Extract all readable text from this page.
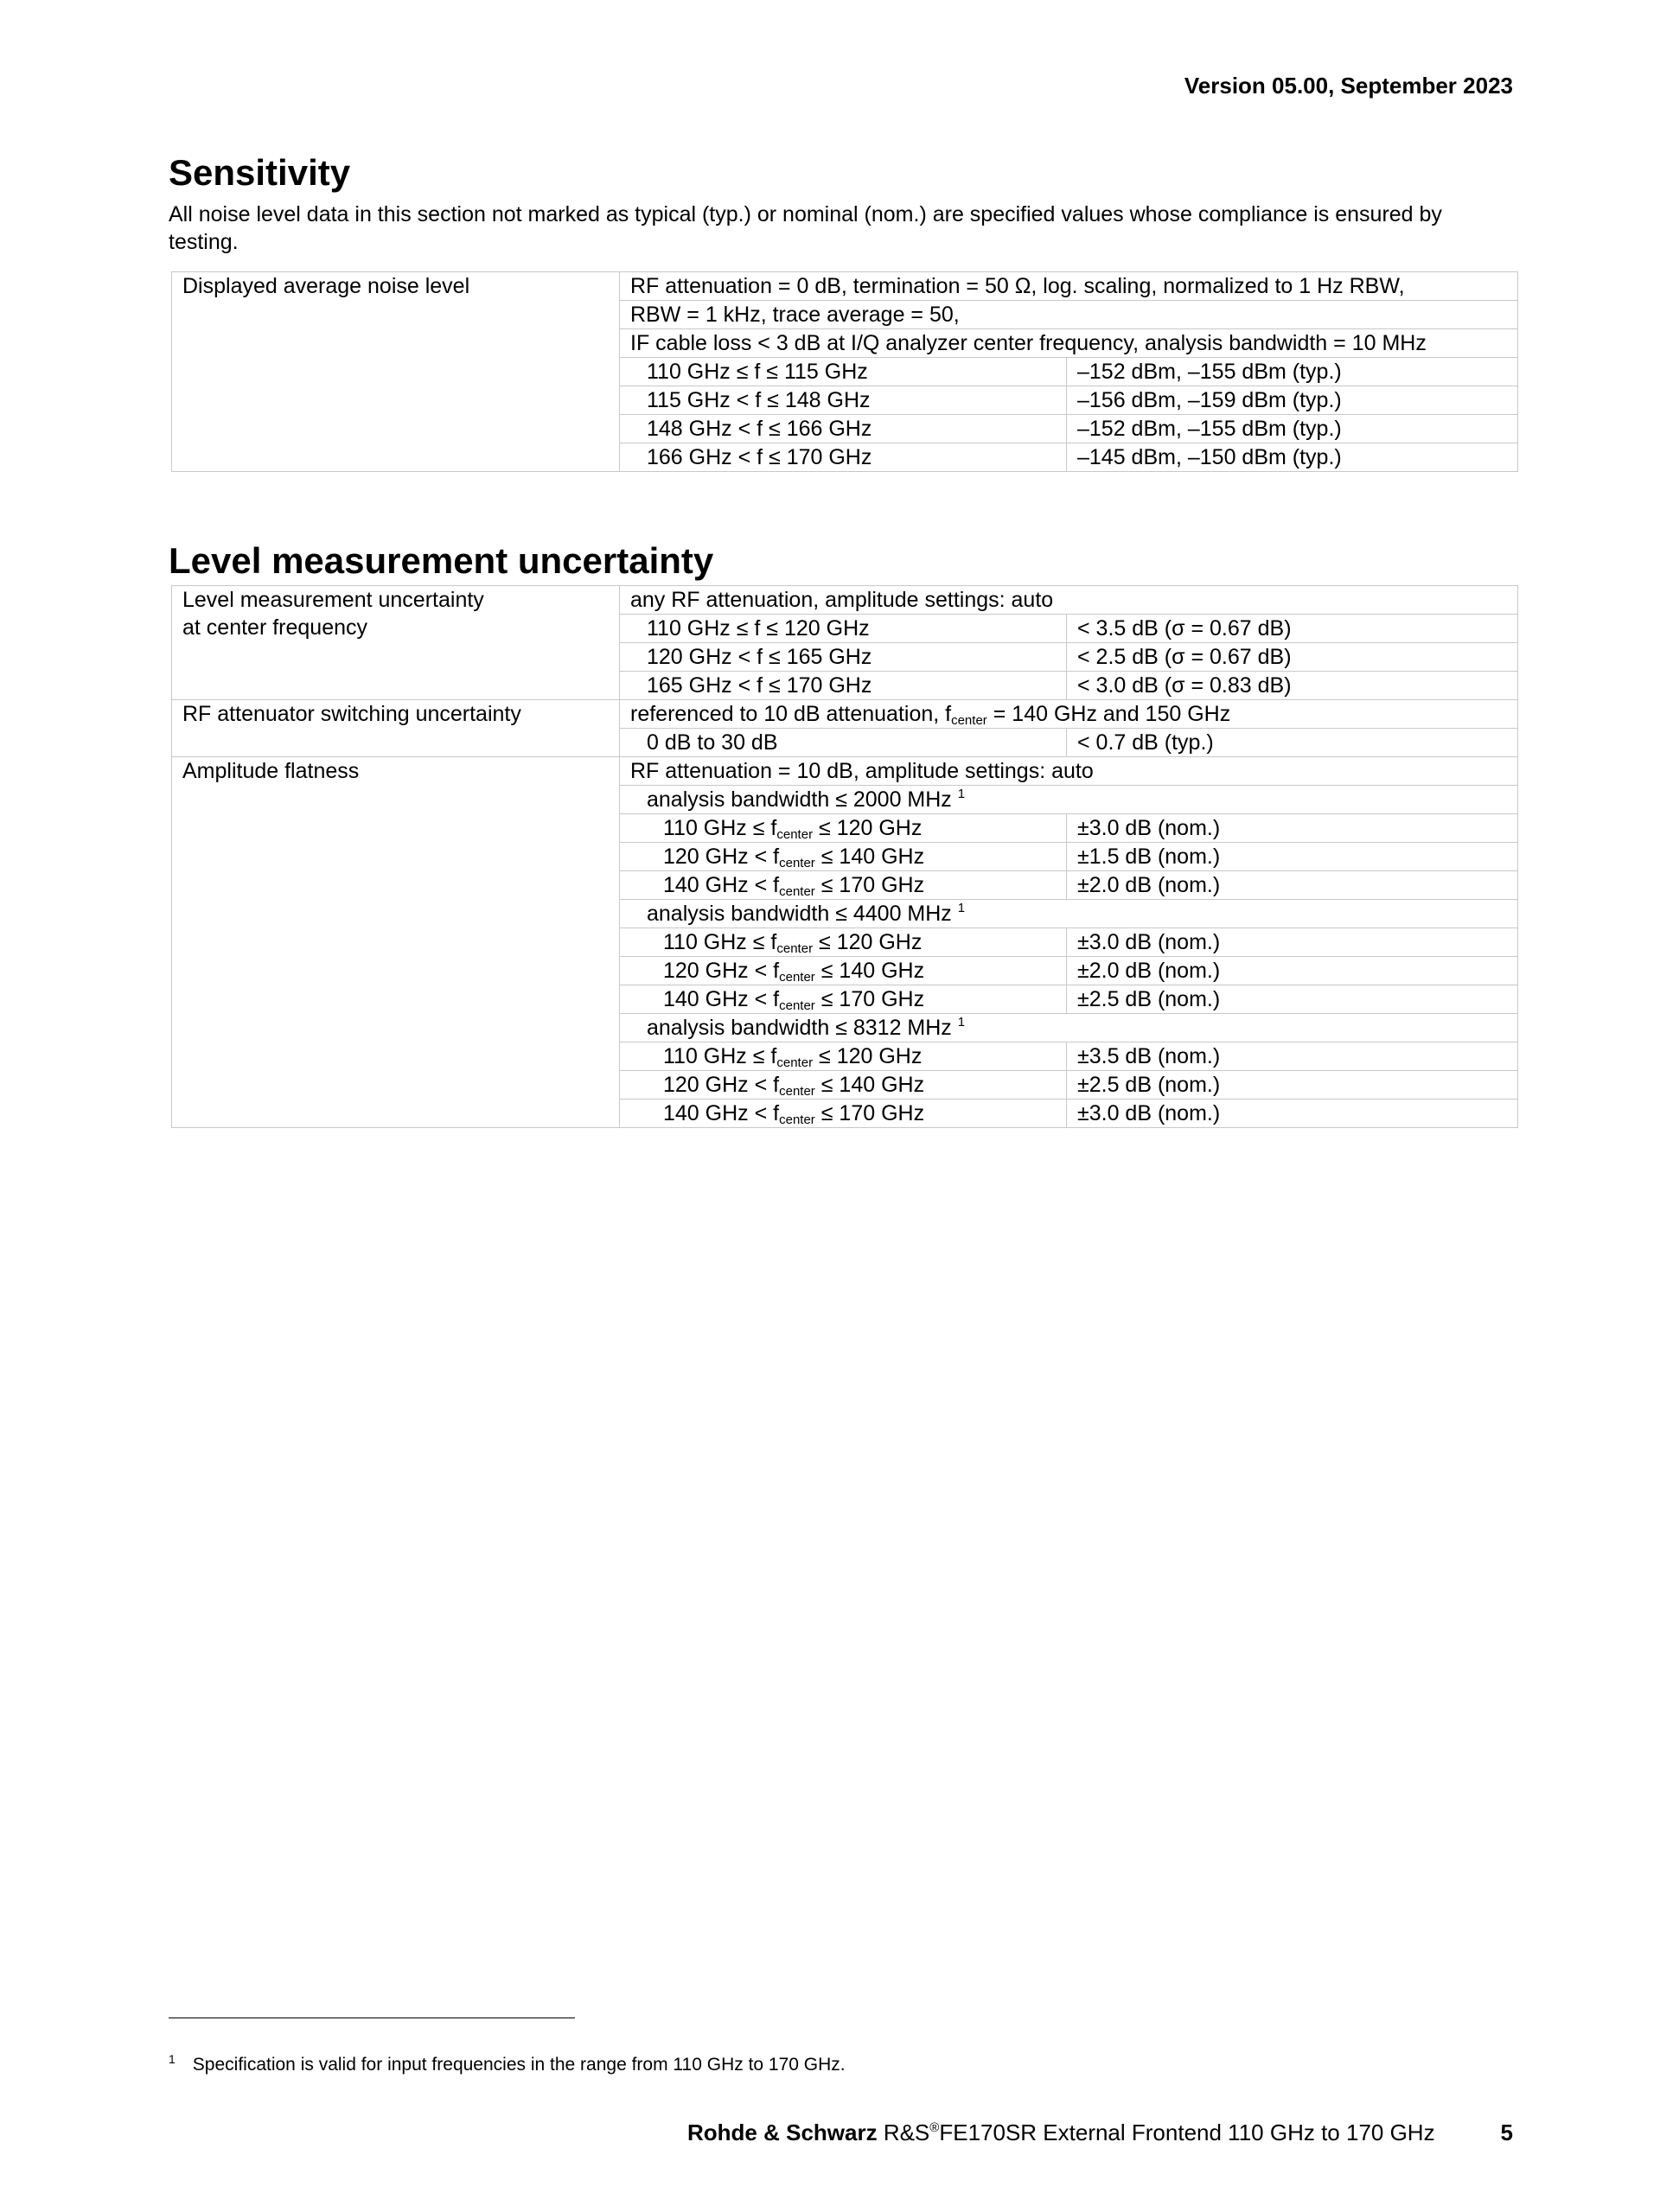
Version 05.00, September 2023
Sensitivity

All noise level data in this section not marked as typical (typ.) or nominal (nom.) are specified values whose compliance is ensured by testing.

Displayed average noise level	RF attenuation = 0 dB, termination = 50 Ω, log. scaling, normalized to 1 Hz RBW,	
	RBW = 1 kHz, trace average = 50,	
	IF cable loss < 3 dB at I/Q analyzer center frequency, analysis bandwidth = 10 MHz	
	110 GHz ≤ f ≤ 115 GHz	–152 dBm, –155 dBm (typ.)
	115 GHz < f ≤ 148 GHz	–156 dBm, –159 dBm (typ.)
	148 GHz < f ≤ 166 GHz	–152 dBm, –155 dBm (typ.)
	166 GHz < f ≤ 170 GHz	–145 dBm, –150 dBm (typ.)
Level measurement uncertainty
Level measurement uncertainty
at center frequency	any RF attenuation, amplitude settings: auto	
	110 GHz ≤ f ≤ 120 GHz	< 3.5 dB (σ = 0.67 dB)
	120 GHz < f ≤ 165 GHz	< 2.5 dB (σ = 0.67 dB)
	165 GHz < f ≤ 170 GHz	< 3.0 dB (σ = 0.83 dB)
RF attenuator switching uncertainty	referenced to 10 dB attenuation, $f_{center} = 140$ GHz and 150 GHz	
	0 dB to 30 dB	< 0.7 dB (typ.)
Amplitude flatness	RF attenuation = 10 dB, amplitude settings: auto	
	analysis bandwidth ≤ 2000 MHz $^1$
	110 GHz ≤ $f_{center} \le 120$ GHz	±3.0 dB (nom.)
	120 GHz < $f_{center} \le 140$ GHz	±1.5 dB (nom.)
	140 GHz < $f_{center} \le 170$ GHz	±2.0 dB (nom.)
	analysis bandwidth ≤ 4400 MHz $^1$
	110 GHz ≤ $f_{center} \le 120$ GHz	±3.0 dB (nom.)
	120 GHz < $f_{center} \le 140$ GHz	±2.0 dB (nom.)
	140 GHz < $f_{center} \le 170$ GHz	±2.5 dB (nom.)
	analysis bandwidth ≤ 8312 MHz $^1$
	110 GHz ≤ $f_{center} \le 120$ GHz	±3.5 dB (nom.)
	120 GHz < $f_{center} \le 140$ GHz	±2.5 dB (nom.)
	140 GHz < $f_{center} \le 170$ GHz	±3.0 dB (nom.)
$^1$ Specification is valid for input frequencies in the range from 110 GHz to 170 GHz.
Rohde & Schwarz R&S®FE170SR External Frontend 110 GHz to 170 GHz	5
